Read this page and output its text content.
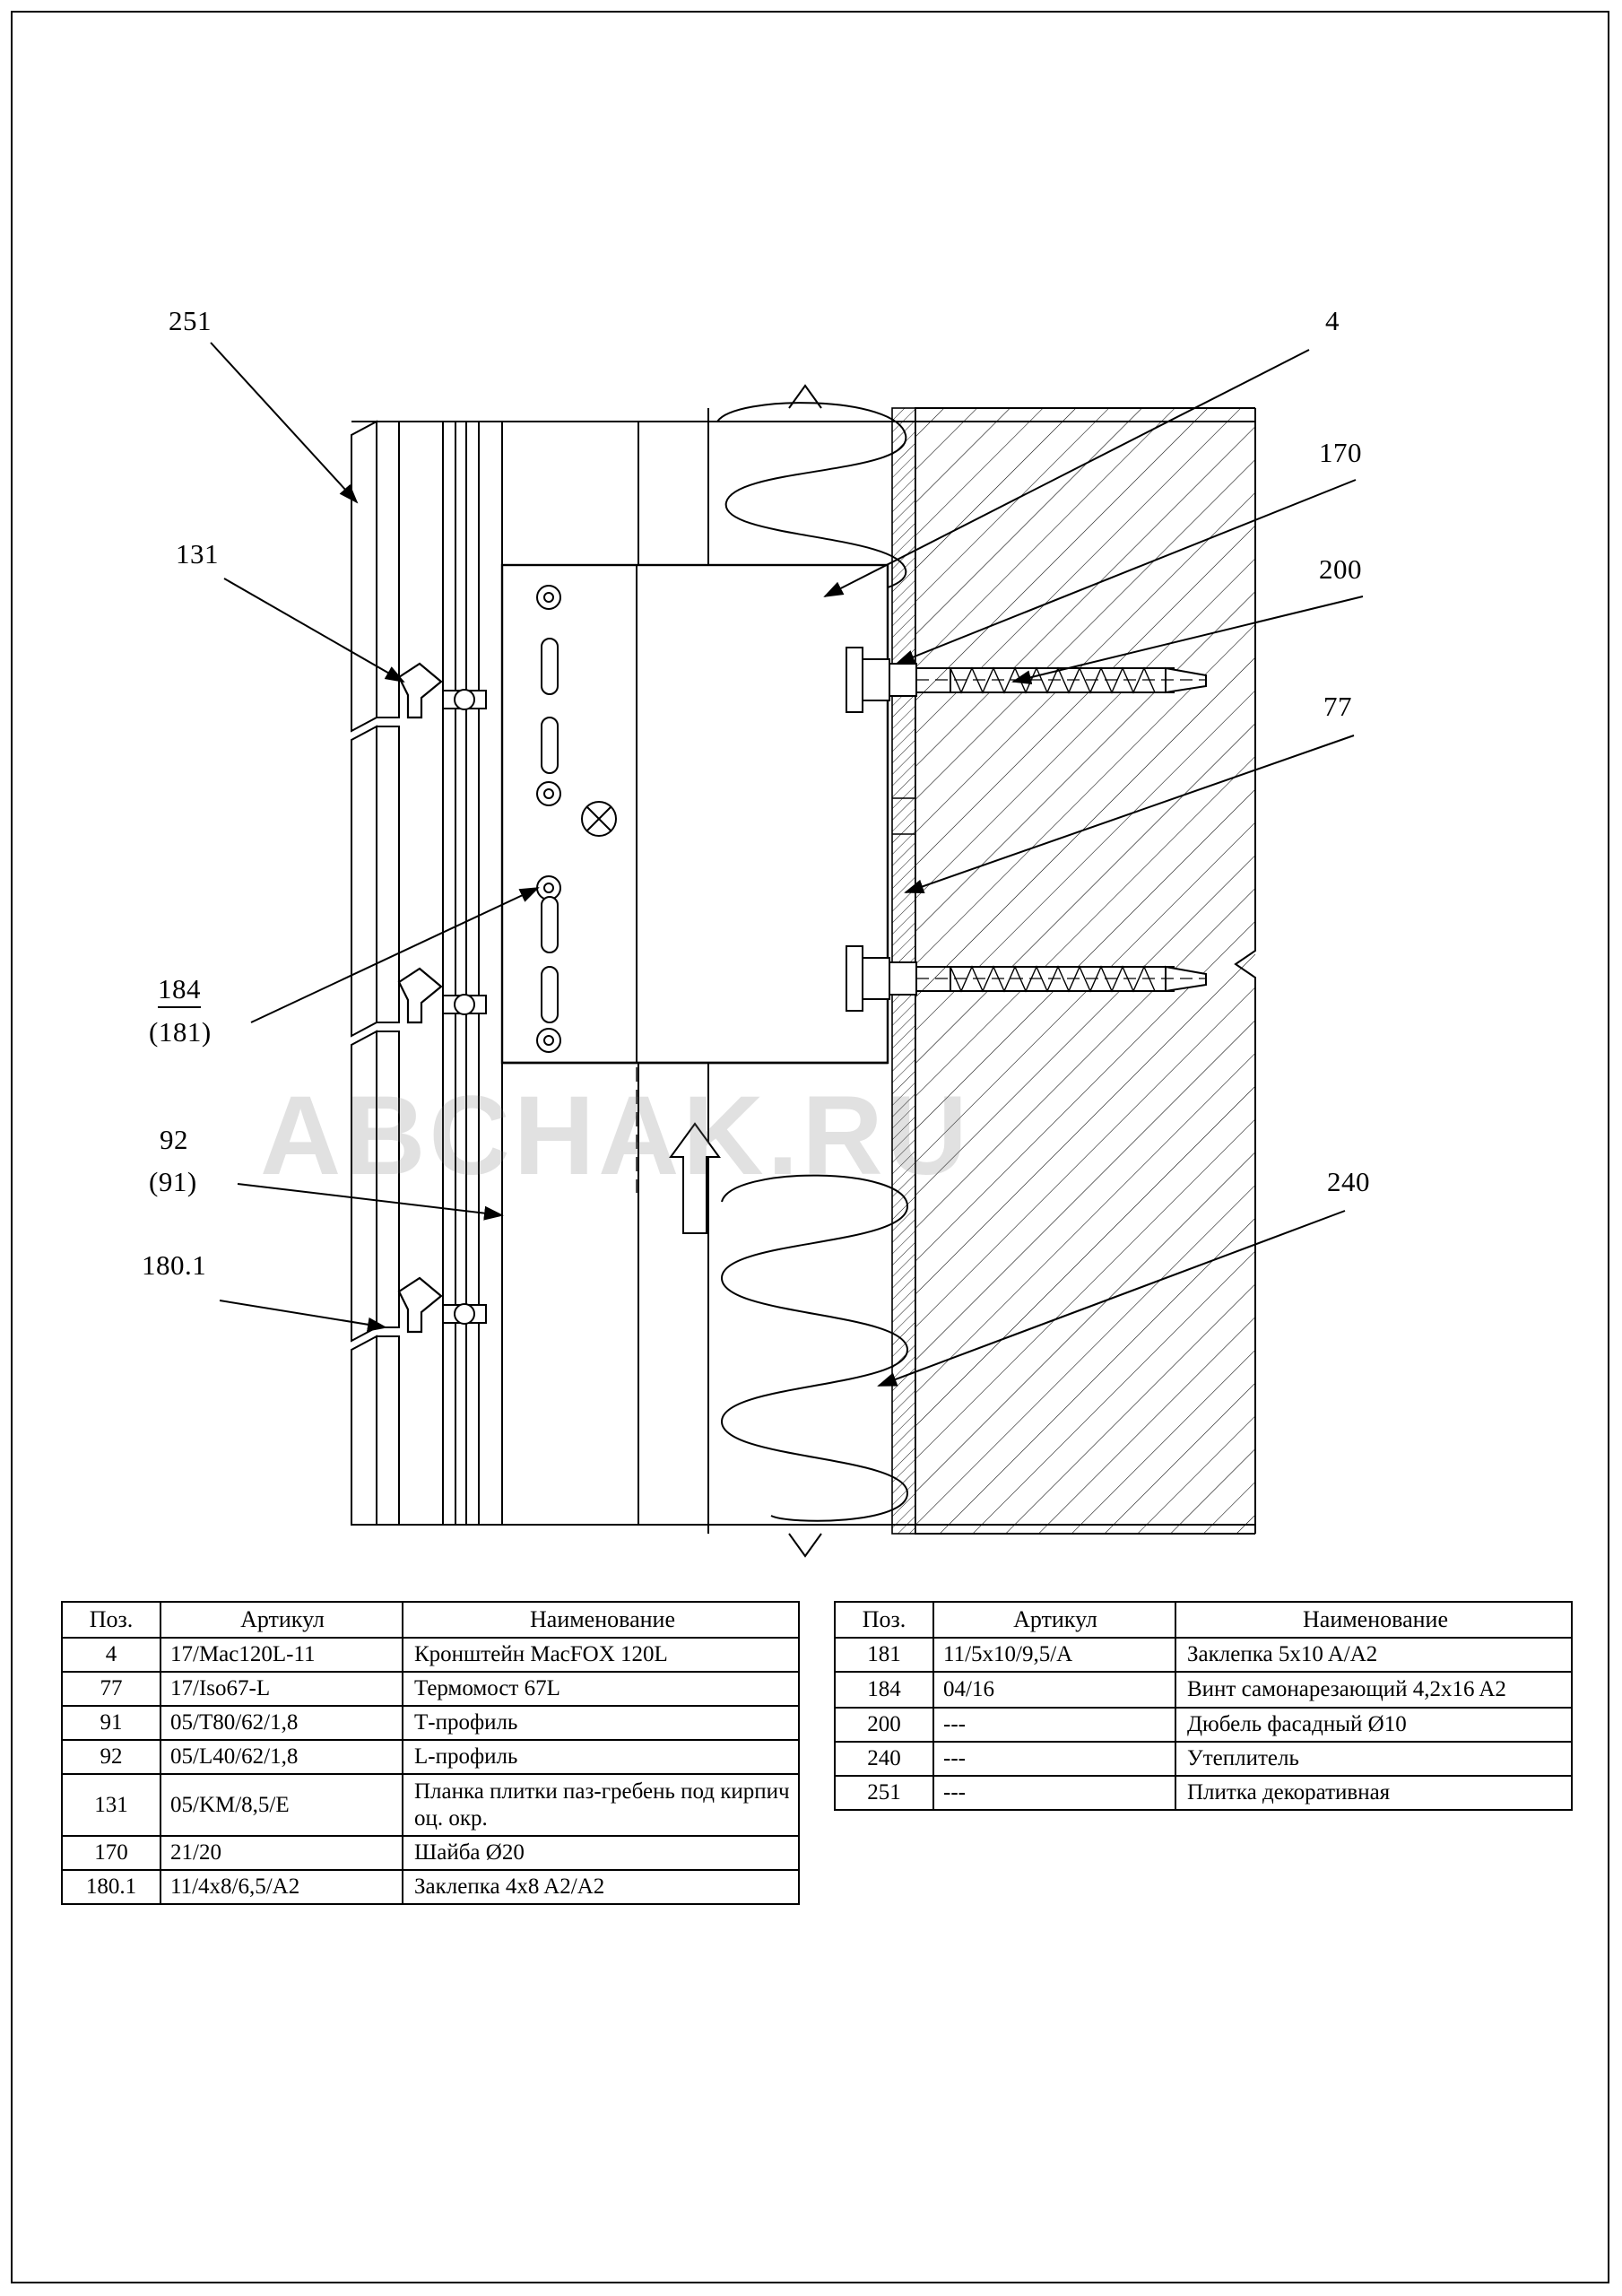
251
131
184
(181)
92
(91)
180.1
4
170
200
77
240
ABCHAK.RU
Поз.	Артикул	Наименование
4	17/Mac120L-11	Кронштейн MacFOX 120L
77	17/Iso67-L	Термомост 67L
91	05/T80/62/1,8	Т-профиль
92	05/L40/62/1,8	L-профиль
131	05/KM/8,5/E	Планка плитки паз-гребень под кирпич оц. окр.
170	21/20	Шайба Ø20
180.1	11/4x8/6,5/A2	Заклепка 4x8 A2/A2
Поз.	Артикул	Наименование
181	11/5x10/9,5/A	Заклепка 5x10 A/A2
184	04/16	Винт самонарезающий 4,2x16 A2
200	---	Дюбель фасадный Ø10
240	---	Утеплитель
251	---	Плитка декоративная
